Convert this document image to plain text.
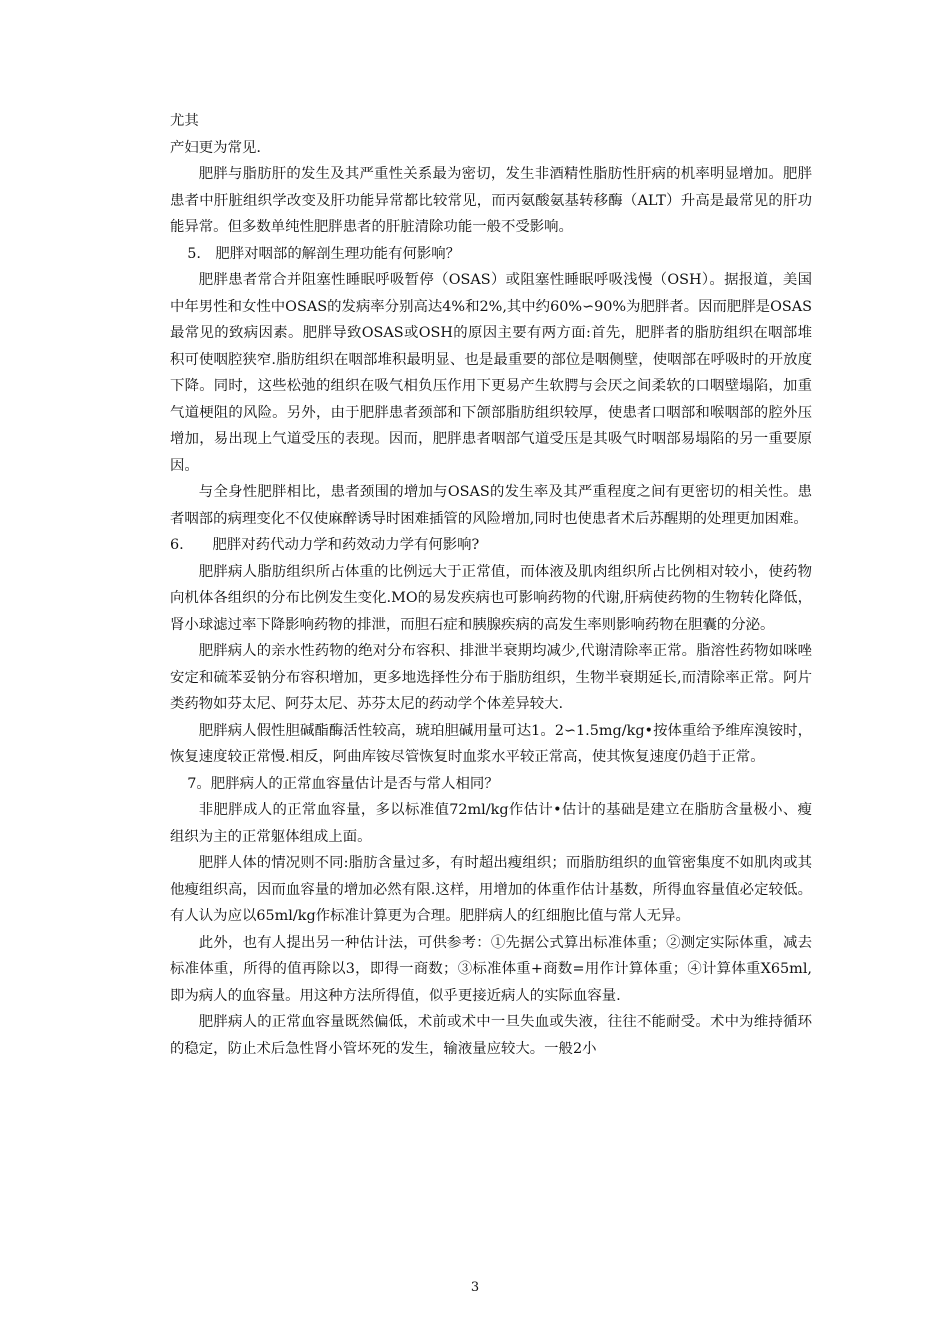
尤其

产妇更为常见.

肥胖与脂肪肝的发生及其严重性关系最为密切，发生非酒精性脂肪性肝病的机率明显增加。肥胖患者中肝脏组织学改变及肝功能异常都比较常见，而丙氨酸氨基转移酶（ALT）升高是最常见的肝功能异常。但多数单纯性肥胖患者的肝脏清除功能一般不受影响。

5.　肥胖对咽部的解剖生理功能有何影响？

肥胖患者常合并阻塞性睡眠呼吸暂停（OSAS）或阻塞性睡眠呼吸浅慢（OSH）。据报道，美国中年男性和女性中OSAS的发病率分别高达4%和2%,其中约60%∽90%为肥胖者。因而肥胖是OSAS最常见的致病因素。肥胖导致OSAS或OSH的原因主要有两方面:首先，肥胖者的脂肪组织在咽部堆积可使咽腔狭窄.脂肪组织在咽部堆积最明显、也是最重要的部位是咽侧壁，使咽部在呼吸时的开放度下降。同时，这些松弛的组织在吸气相负压作用下更易产生软腭与会厌之间柔软的口咽壁塌陷，加重气道梗阻的风险。另外，由于肥胖患者颈部和下颌部脂肪组织较厚，使患者口咽部和喉咽部的腔外压增加，易出现上气道受压的表现。因而，肥胖患者咽部气道受压是其吸气时咽部易塌陷的另一重要原因。

与全身性肥胖相比，患者颈围的增加与OSAS的发生率及其严重程度之间有更密切的相关性。患者咽部的病理变化不仅使麻醉诱导时困难插管的风险增加,同时也使患者术后苏醒期的处理更加困难。

6.　　肥胖对药代动力学和药效动力学有何影响?

肥胖病人脂肪组织所占体重的比例远大于正常值，而体液及肌肉组织所占比例相对较小，使药物向机体各组织的分布比例发生变化.MO的易发疾病也可影响药物的代谢,肝病使药物的生物转化降低，肾小球滤过率下降影响药物的排泄，而胆石症和胰腺疾病的高发生率则影响药物在胆囊的分泌。

肥胖病人的亲水性药物的绝对分布容积、排泄半衰期均减少,代谢清除率正常。脂溶性药物如咪唑安定和硫苯妥钠分布容积增加，更多地选择性分布于脂肪组织，生物半衰期延长,而清除率正常。阿片类药物如芬太尼、阿芬太尼、苏芬太尼的药动学个体差异较大.

肥胖病人假性胆碱酯酶活性较高，琥珀胆碱用量可达1。2∽1.5mg/kg•按体重给予维库溴铵时，恢复速度较正常慢.相反，阿曲库铵尽管恢复时血浆水平较正常高，使其恢复速度仍趋于正常。

7。肥胖病人的正常血容量估计是否与常人相同？

非肥胖成人的正常血容量，多以标准值72ml/kg作估计•估计的基础是建立在脂肪含量极小、瘦组织为主的正常躯体组成上面。

肥胖人体的情况则不同:脂肪含量过多，有时超出瘦组织；而脂肪组织的血管密集度不如肌肉或其他瘦组织高，因而血容量的增加必然有限.这样，用增加的体重作估计基数，所得血容量值必定较低。有人认为应以65ml/kg作标准计算更为合理。肥胖病人的红细胞比值与常人无异。

此外，也有人提出另一种估计法，可供参考：①先据公式算出标准体重；②测定实际体重，减去标准体重，所得的值再除以3，即得一商数；③标准体重+商数=用作计算体重；④计算体重X65ml,即为病人的血容量。用这种方法所得值，似乎更接近病人的实际血容量.

肥胖病人的正常血容量既然偏低，术前或术中一旦失血或失液，往往不能耐受。术中为维持循环的稳定，防止术后急性肾小管坏死的发生，输液量应较大。一般2小

3
